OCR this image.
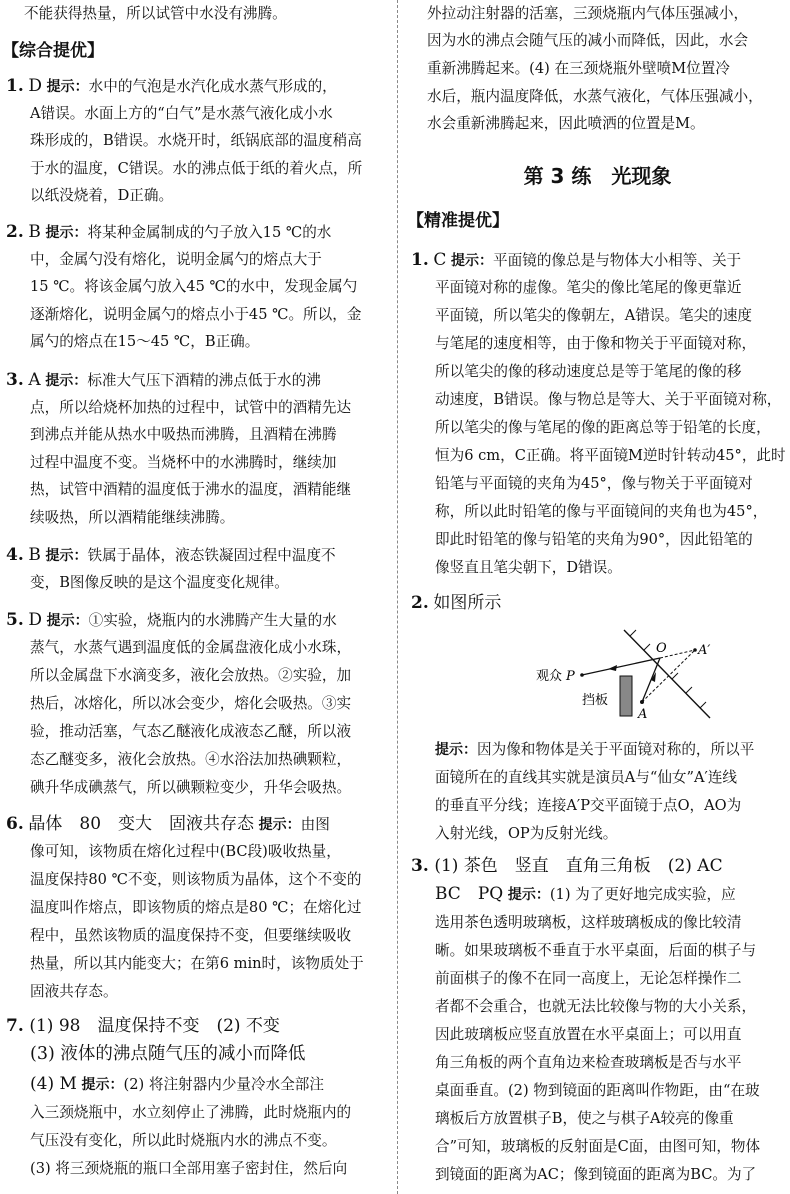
不能获得热量，所以试管中水没有沸腾。
【综合提优】
1. D 提示：水中的气泡是水汽化成水蒸气形成的，
A错误。水面上方的“白气”是水蒸气液化成小水
珠形成的，B错误。水烧开时，纸锅底部的温度稍高
于水的温度，C错误。水的沸点低于纸的着火点，所
以纸没烧着，D正确。
2. B 提示：将某种金属制成的勺子放入15 ℃的水
中，金属勺没有熔化，说明金属勺的熔点大于
15 ℃。将该金属勺放入45 ℃的水中，发现金属勺
逐渐熔化，说明金属勺的熔点小于45 ℃。所以，金
属勺的熔点在15～45 ℃，B正确。
3. A 提示：标准大气压下酒精的沸点低于水的沸
点，所以给烧杯加热的过程中，试管中的酒精先达
到沸点并能从热水中吸热而沸腾，且酒精在沸腾
过程中温度不变。当烧杯中的水沸腾时，继续加
热，试管中酒精的温度低于沸水的温度，酒精能继
续吸热，所以酒精能继续沸腾。
4. B 提示：铁属于晶体，液态铁凝固过程中温度不
变，B图像反映的是这个温度变化规律。
5. D 提示：①实验，烧瓶内的水沸腾产生大量的水
蒸气，水蒸气遇到温度低的金属盘液化成小水珠，
所以金属盘下水滴变多，液化会放热。②实验，加
热后，冰熔化，所以冰会变少，熔化会吸热。③实
验，推动活塞，气态乙醚液化成液态乙醚，所以液
态乙醚变多，液化会放热。④水浴法加热碘颗粒，
碘升华成碘蒸气，所以碘颗粒变少，升华会吸热。
6. 晶体　80　变大　固液共存态 提示：由图
像可知，该物质在熔化过程中(BC段)吸收热量，
温度保持80 ℃不变，则该物质为晶体，这个不变的
温度叫作熔点，即该物质的熔点是80 ℃；在熔化过
程中，虽然该物质的温度保持不变，但要继续吸收
热量，所以其内能变大；在第6 min时，该物质处于
固液共存态。
7. (1) 98　温度保持不变　(2) 不变
(3) 液体的沸点随气压的减小而降低
(4) M 提示：(2) 将注射器内少量冷水全部注
入三颈烧瓶中，水立刻停止了沸腾，此时烧瓶内的
气压没有变化，所以此时烧瓶内水的沸点不变。
(3) 将三颈烧瓶的瓶口全部用塞子密封住，然后向
外拉动注射器的活塞，三颈烧瓶内气体压强减小，
因为水的沸点会随气压的减小而降低，因此，水会
重新沸腾起来。(4) 在三颈烧瓶外壁喷M位置冷
水后，瓶内温度降低，水蒸气液化，气体压强减小，
水会重新沸腾起来，因此喷洒的位置是M。
第 3 练　光现象
【精准提优】
1. C 提示：平面镜的像总是与物体大小相等、关于
平面镜对称的虚像。笔尖的像比笔尾的像更靠近
平面镜，所以笔尖的像朝左，A错误。笔尖的速度
与笔尾的速度相等，由于像和物关于平面镜对称，
所以笔尖的像的移动速度总是等于笔尾的像的移
动速度，B错误。像与物总是等大、关于平面镜对称，
所以笔尖的像与笔尾的像的距离总等于铅笔的长度，
恒为6 cm，C正确。将平面镜M逆时针转动45°，此时
铅笔与平面镜的夹角为45°，像与物关于平面镜对
称，所以此时铅笔的像与平面镜间的夹角也为45°，
即此时铅笔的像与铅笔的夹角为90°，因此铅笔的
像竖直且笔尖朝下，D错误。
2. 如图所示
观众 P
O A′
挡板
A
提示：因为像和物体是关于平面镜对称的，所以平
面镜所在的直线其实就是演员A与“仙女”A′连线
的垂直平分线；连接A′P交平面镜于点O，AO为
入射光线，OP为反射光线。
3. (1) 茶色　竖直　直角三角板　(2) AC
BC　PQ 提示：(1) 为了更好地完成实验，应
选用茶色透明玻璃板，这样玻璃板成的像比较清
晰。如果玻璃板不垂直于水平桌面，后面的棋子与
前面棋子的像不在同一高度上，无论怎样操作二
者都不会重合，也就无法比较像与物的大小关系，
因此玻璃板应竖直放置在水平桌面上；可以用直
角三角板的两个直角边来检查玻璃板是否与水平
桌面垂直。(2) 物到镜面的距离叫作物距，由“在玻
璃板后方放置棋子B，使之与棋子A较亮的像重
合”可知，玻璃板的反射面是C面，由图可知，物体
到镜面的距离为AC；像到镜面的距离为BC。为了
